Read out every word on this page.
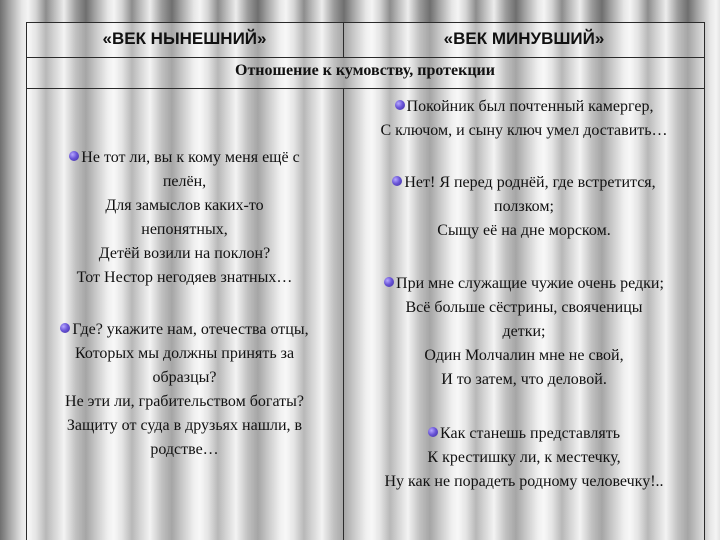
«ВЕК НЫНЕШНИЙ»	«ВЕК МИНУВШИЙ»
Отношение к кумовству, протекции
Не тот ли, вы к кому меня ещё с
пелён,
Для замыслов каких-то
непонятных,
Детёй возили на поклон?
Тот Нестор негодяев знатных…
Где? укажите нам, отечества отцы,
Которых мы должны принять за
образцы?
Не эти ли, грабительством богаты?
Защиту от суда в друзьях нашли, в
родстве…
Покойник был почтенный камергер,
С ключом, и сыну ключ умел доставить…
Нет! Я перед роднёй, где встретится,
ползком;
Сыщу её на дне морском.
При мне служащие чужие очень редки;
Всё больше сёстрины, свояченицы
детки;
Один Молчалин мне не свой,
И то затем, что деловой.
Как станешь представлять
К крестишку ли, к местечку,
Ну как не порадеть родному человечку!..
